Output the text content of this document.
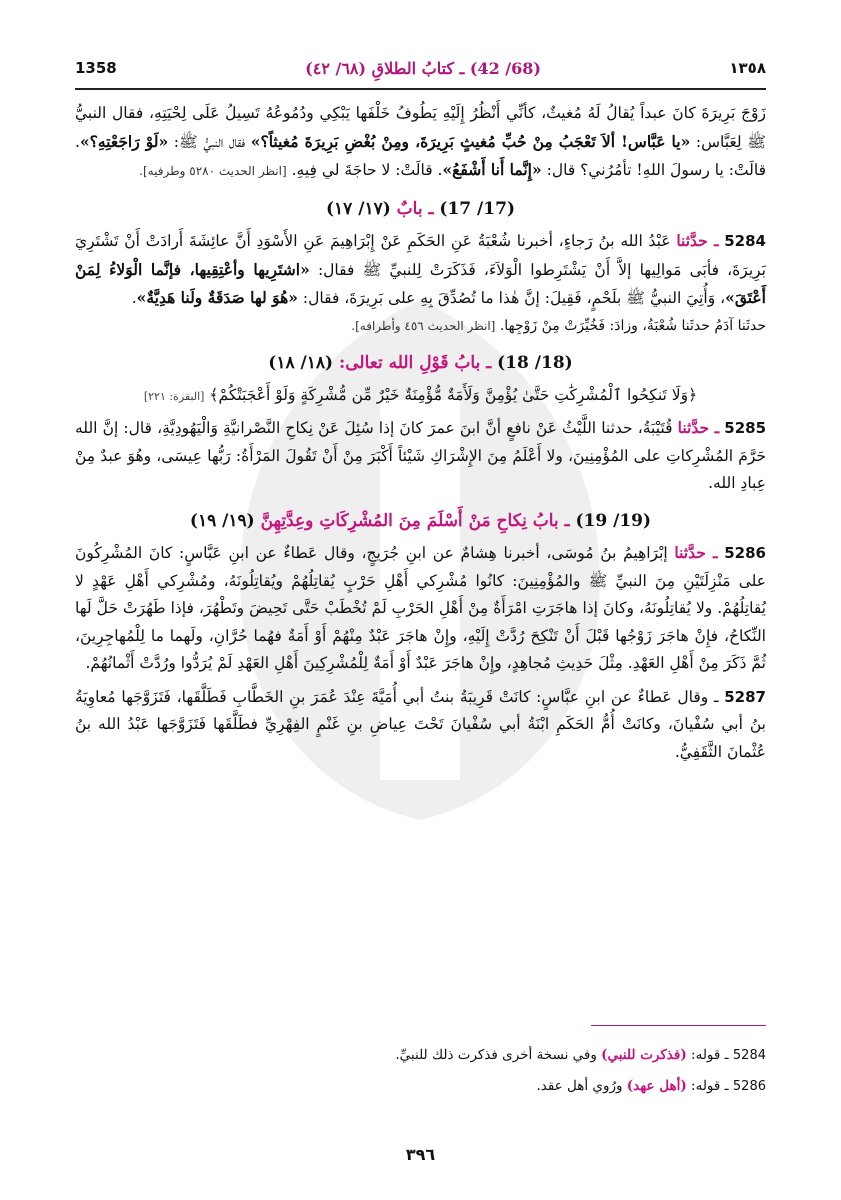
1358	(68/ 42) ـ كتابُ الطلاقِ (٦٨/ ٤٢)	١٣٥٨
زَوْجَ بَرِيرَةَ كانَ عبداً يُقالُ لَهُ مُغيثٌ، كأنِّي أَنْظُرُ إِلَيْهِ يَطُوفُ خَلْفَها يَبْكِي ودُمُوعُهُ تَسِيلُ عَلَى لِحْيَتِهِ، فقال النبيُّ ﷺ لِعَبَّاس: «يا عَبَّاس! ألاَ تَعْجَبُ مِنْ حُبِّ مُغيثٍ بَرِيرَةَ، ومِنْ بُغْضِ بَرِيرَةَ مُغيثاً؟» فقال النبيُّ ﷺ: «لَوْ رَاجَعْتِهِ؟». قالَتْ: يا رسولَ اللهِ! تأمُرُني؟ قال: «إِنَّما أَنا أَشْفَعُ». قالَتْ: لا حاجَةَ لي فِيهِ. [انظر الحديث ٥٢٨٠ وطرفيه].
(17/ 17) ـ بابٌ (١٧/ ١٧)
5284 ـ حدَّثنا عَبْدُ الله بنُ رَجاءٍ، أخبرنا شُعْبَةُ عَنِ الحَكَمِ عَنْ إِبْرَاهِيمَ عَنِ الأَسْوَدِ أَنَّ عائِشَةَ أَرادَتْ أَنْ تَشْتَرِيَ بَرِيرَةَ، فأبَى مَوالِيها إلاَّ أَنْ يَشْتَرِطوا الْوَلاَءَ، فَذَكَرَتْ لِلنبيِّ ﷺ فقال: «اشتَرِيها وأعْتِقِيها، فإنَّما الْوَلاءُ لِمَنْ أَعْتَقَ»، وَأُتِيَ النبيُّ ﷺ بلَحْمٍ، فَقِيلَ: إنَّ هٰذا ما تُصُدِّقَ بِهِ على بَرِيرَةَ، فقال: «هُوَ لها صَدَقَةٌ ولَنا هَدِيَّةٌ».
حدثَنا آدَمُ حدثَنا شُعْبَةُ، وزادَ: فَخُيِّرَتْ مِنْ زَوْجِها. [انظر الحديث ٤٥٦ وأطرافه].
(18/ 18) ـ بابُ قَوْلِ الله تعالى: (١٨/ ١٨)
﴿وَلَا تَنكِحُوا ٱلْمُشْرِكَٰتِ حَتَّىٰ يُؤْمِنَّ وَلَأَمَةٌ مُّؤْمِنَةٌ خَيْرٌ مِّن مُّشْرِكَةٍ وَلَوْ أَعْجَبَتْكُمْ﴾ [البقرة: ٢٢١]
5285 ـ حدَّثنا قُتَيْبَةُ، حدثنا اللَّيْثُ عَنْ نافعٍ أنَّ ابنَ عمرَ كانَ إذا سُئِلَ عَنْ نِكاحِ النَّصْرانيَّةِ وَالْيَهُودِيَّةِ، قال: إنَّ الله حَرَّمَ المُشْرِكاتِ على المُؤْمِنِينَ، ولا أَعْلَمُ مِنَ الإِشْرَاكِ شَيْئاً أَكْبَرَ مِنْ أَنْ تَقُولَ المَرْأَةُ: رَبُّها عِيسَى، وهُوَ عبدٌ مِنْ عِبادِ الله.
(19/ 19) ـ بابُ نِكاحِ مَنْ أَسْلَمَ مِنَ المُشْرِكَاتِ وعِدَّتِهِنَّ (١٩/ ١٩)
5286 ـ حدَّثنا إبْرَاهِيمُ بنُ مُوسَى، أخبرنا هِشامٌ عن ابنِ جُرَيجٍ، وقال عَطاءٌ عن ابنِ عَبَّاسٍ: كانَ المُشْرِكُونَ على مَنْزِلَتَيْنِ مِنَ النبيِّ ﷺ والمُؤْمِنِينَ: كانُوا مُشْرِكي أَهْلِ حَرْبٍ يُقاتِلُهُمْ ويُقاتِلُونَهُ، ومُشْرِكي أَهْلِ عَهْدٍ لا يُقاتِلُهُمْ. ولا يُقاتِلُونَهُ، وكانَ إذا هاجَرَتِ امْرَأَةٌ مِنْ أَهْلِ الحَرْبِ لَمْ تُخْطَبْ حَتَّى تَحِيضَ وتَطْهُرَ، فإذا طَهُرَتْ حَلَّ لَها النِّكاحُ، فإِنْ هاجَرَ زَوْجُها قَبْلَ أَنْ تَنْكِحَ رُدَّتْ إِلَيْهِ، وإِنْ هاجَرَ عَبْدٌ مِنْهُمْ أَوْ أَمَةٌ فهُما حُرَّانِ، ولَهما ما لِلْمُهاجِرِينَ، ثُمَّ ذَكَرَ مِنْ أَهْلِ العَهْدِ. مِثْلَ حَدِيثِ مُجاهِدٍ، وإِنْ هاجَرَ عَبْدٌ أَوْ أَمَةٌ لِلْمُشْرِكِينَ أَهْلِ العَهْدِ لَمْ يُرَدُّوا ورُدَّتْ أَثْمانُهُمْ.
5287 ـ وقال عَطاءٌ عن ابنِ عبَّاسٍ: كانَتْ قَرِيبَةُ بنتُ أبي أُمَيَّةَ عِنْدَ عُمَرَ بنِ الخَطَّابِ فَطَلَّقَها، فَتَزَوَّجَها مُعاوِيَةُ بنُ أبي سُفْيانَ، وكانَتْ أُمُّ الحَكَمِ ابْنَةُ أبي سُفْيانَ تَحْتَ عِياضِ بنِ غَنْمٍ الفِهْرِيِّ فطَلَّقَها فَتَزَوَّجَها عَبْدُ الله بنُ عُثْمانَ الثَّقَفِيُّ.
5284 ـ قوله: (فذكرت للنبي) وفي نسخة أخرى فذكرت ذلك للنبيِّ.
5286 ـ قوله: (أهل عهد) ورُوي أهل عقد.
٣٩٦
